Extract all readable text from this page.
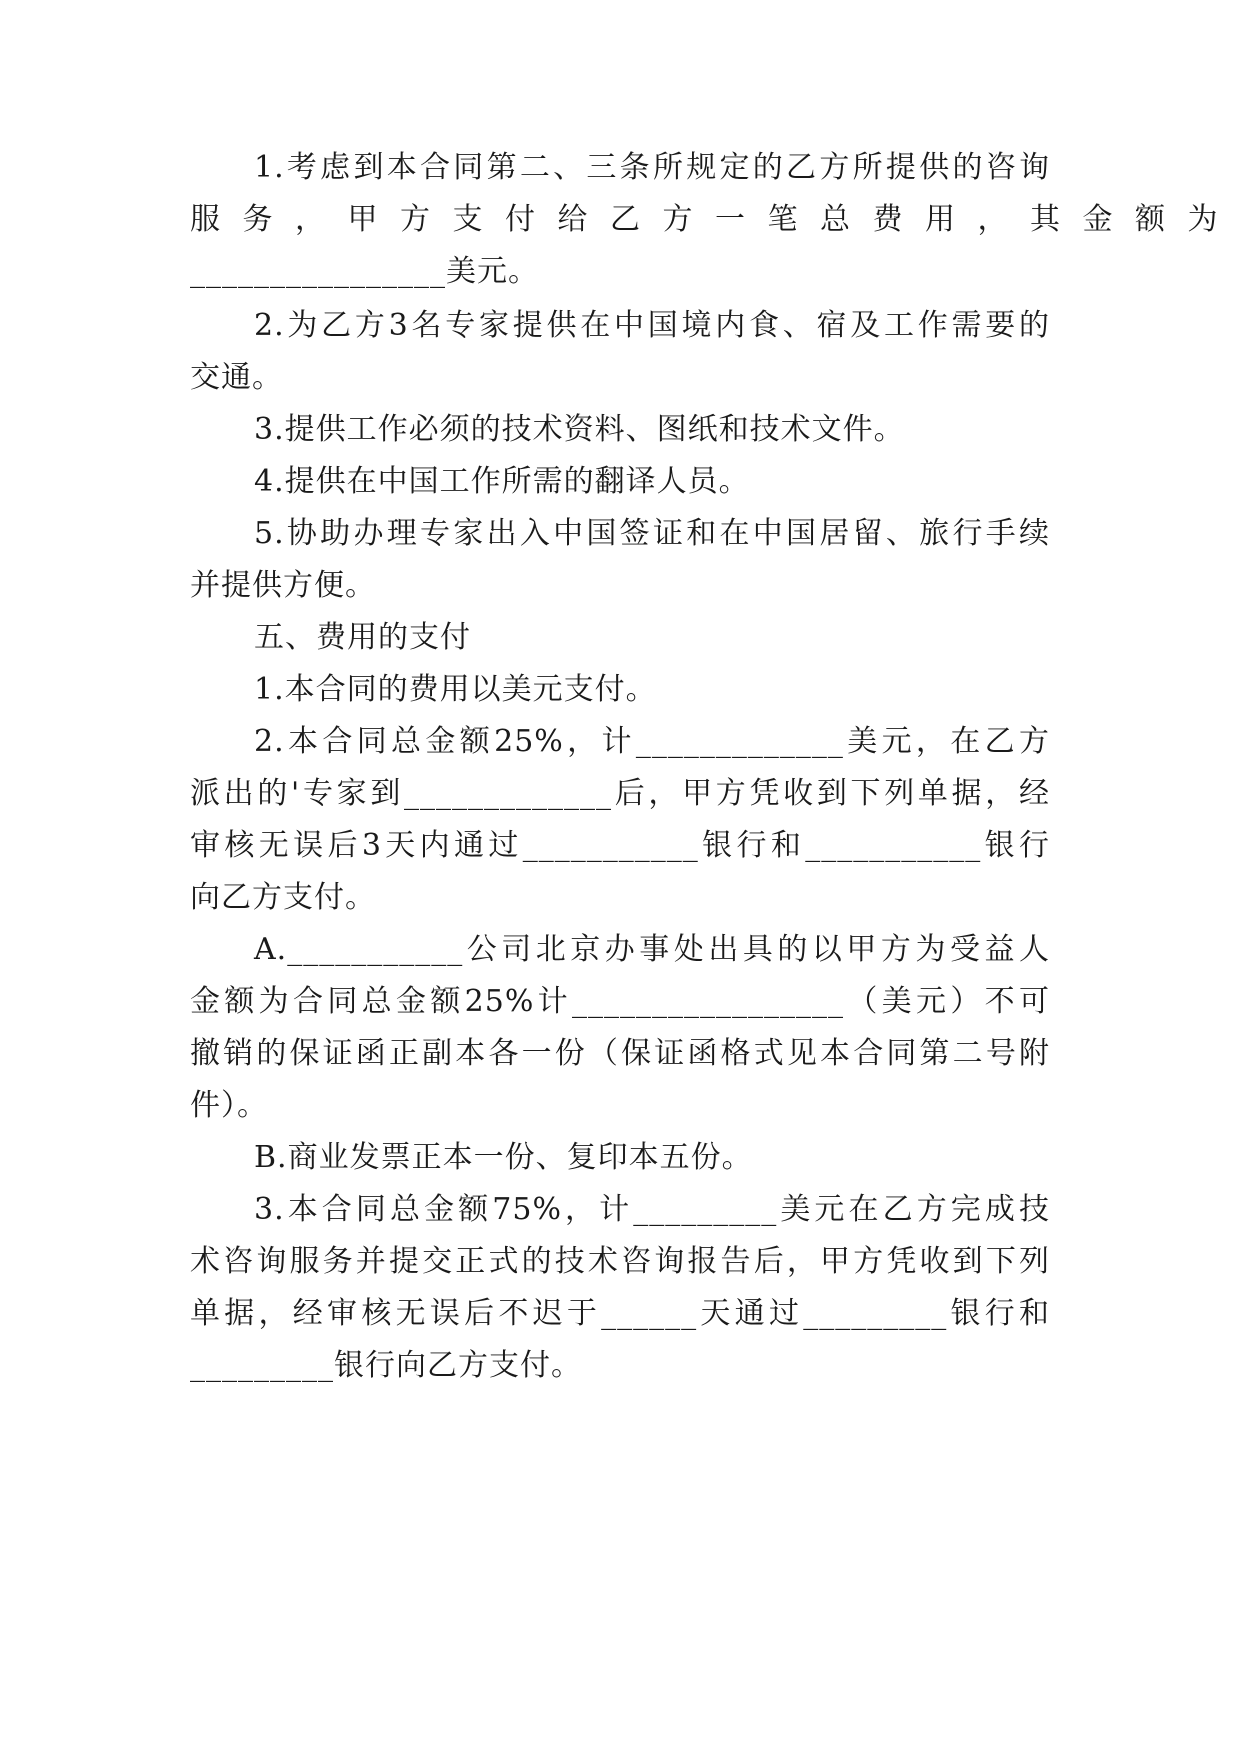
1.考虑到本合同第二、三条所规定的乙方所提供的咨询
服务，甲方支付给乙方一笔总费用，其金额为
________________美元。
2.为乙方3名专家提供在中国境内食、宿及工作需要的
交通。
3.提供工作必须的技术资料、图纸和技术文件。
4.提供在中国工作所需的翻译人员。
5.协助办理专家出入中国签证和在中国居留、旅行手续
并提供方便。
五、费用的支付
1.本合同的费用以美元支付。
2.本合同总金额25%，计_____________美元，在乙方
派出的'专家到_____________后，甲方凭收到下列单据，经
审核无误后3天内通过___________银行和___________银行
向乙方支付。
A.___________公司北京办事处出具的以甲方为受益人
金额为合同总金额25%计_________________（美元）不可
撤销的保证函正副本各一份（保证函格式见本合同第二号附
件）。
B.商业发票正本一份、复印本五份。
3.本合同总金额75%，计_________美元在乙方完成技
术咨询服务并提交正式的技术咨询报告后，甲方凭收到下列
单据，经审核无误后不迟于______天通过_________银行和
_________银行向乙方支付。
